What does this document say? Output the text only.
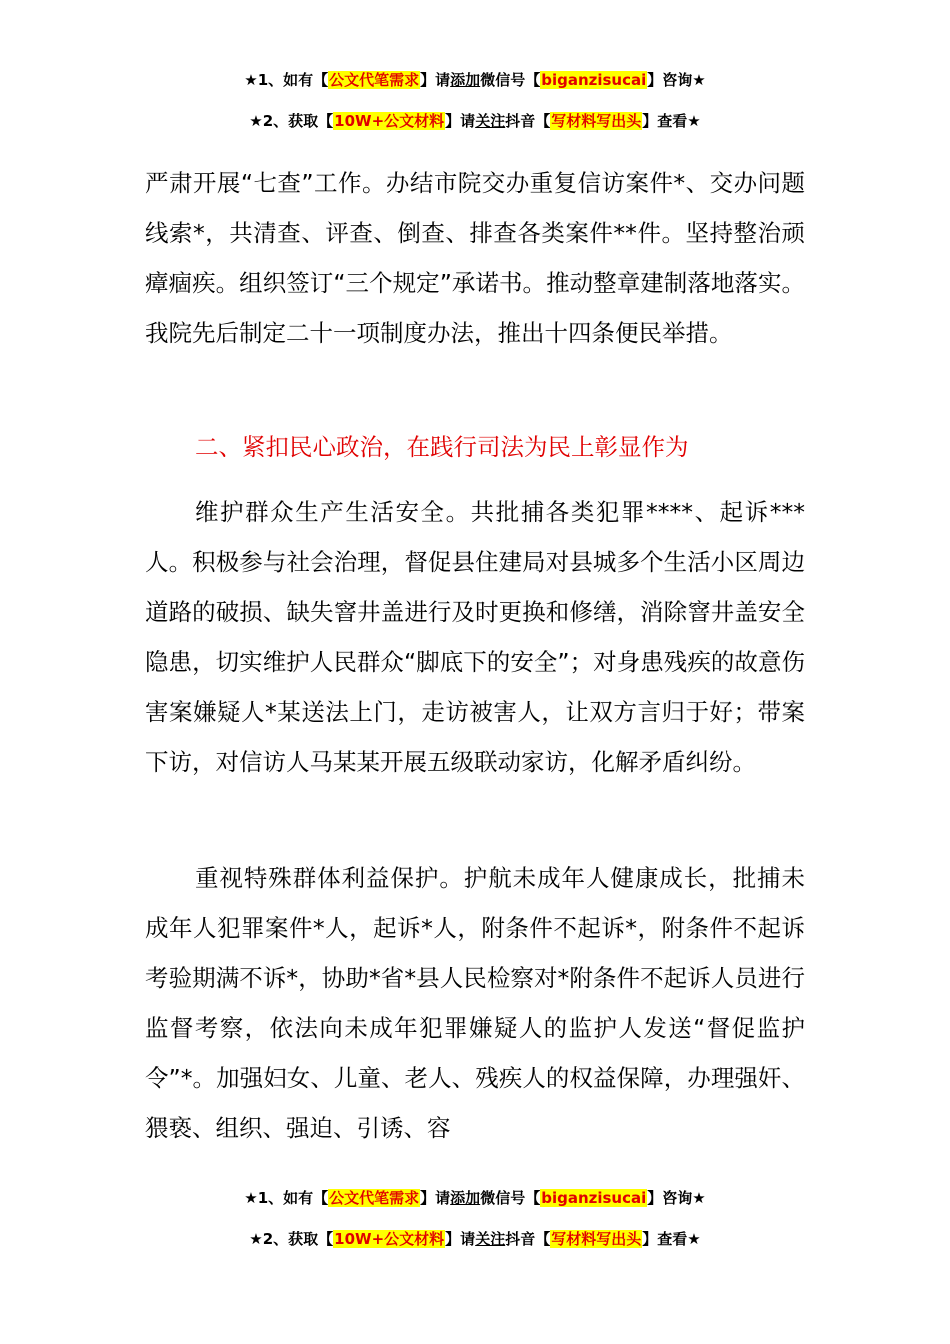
★1、如有【公文代笔需求】请添加微信号【biganzisucai】咨询★
★2、获取【10W+公文材料】请关注抖音【写材料写出头】查看★

严肃开展“七查”工作。办结市院交办重复信访案件*、交办问题线索*，共清查、评查、倒查、排查各类案件**件。坚持整治顽瘴痼疾。组织签订“三个规定”承诺书。推动整章建制落地落实。我院先后制定二十一项制度办法，推出十四条便民举措。

二、紧扣民心政治，在践行司法为民上彰显作为

维护群众生产生活安全。共批捕各类犯罪****、起诉***人。积极参与社会治理，督促县住建局对县城多个生活小区周边道路的破损、缺失窨井盖进行及时更换和修缮，消除窨井盖安全隐患，切实维护人民群众“脚底下的安全”；对身患残疾的故意伤害案嫌疑人*某送法上门，走访被害人，让双方言归于好；带案下访，对信访人马某某开展五级联动家访，化解矛盾纠纷。

重视特殊群体利益保护。护航未成年人健康成长，批捕未成年人犯罪案件*人，起诉*人，附条件不起诉*，附条件不起诉考验期满不诉*，协助*省*县人民检察对*附条件不起诉人员进行监督考察，依法向未成年犯罪嫌疑人的监护人发送“督促监护令”*。加强妇女、儿童、老人、残疾人的权益保障，办理强奸、猥亵、组织、强迫、引诱、容

★1、如有【公文代笔需求】请添加微信号【biganzisucai】咨询★
★2、获取【10W+公文材料】请关注抖音【写材料写出头】查看★
